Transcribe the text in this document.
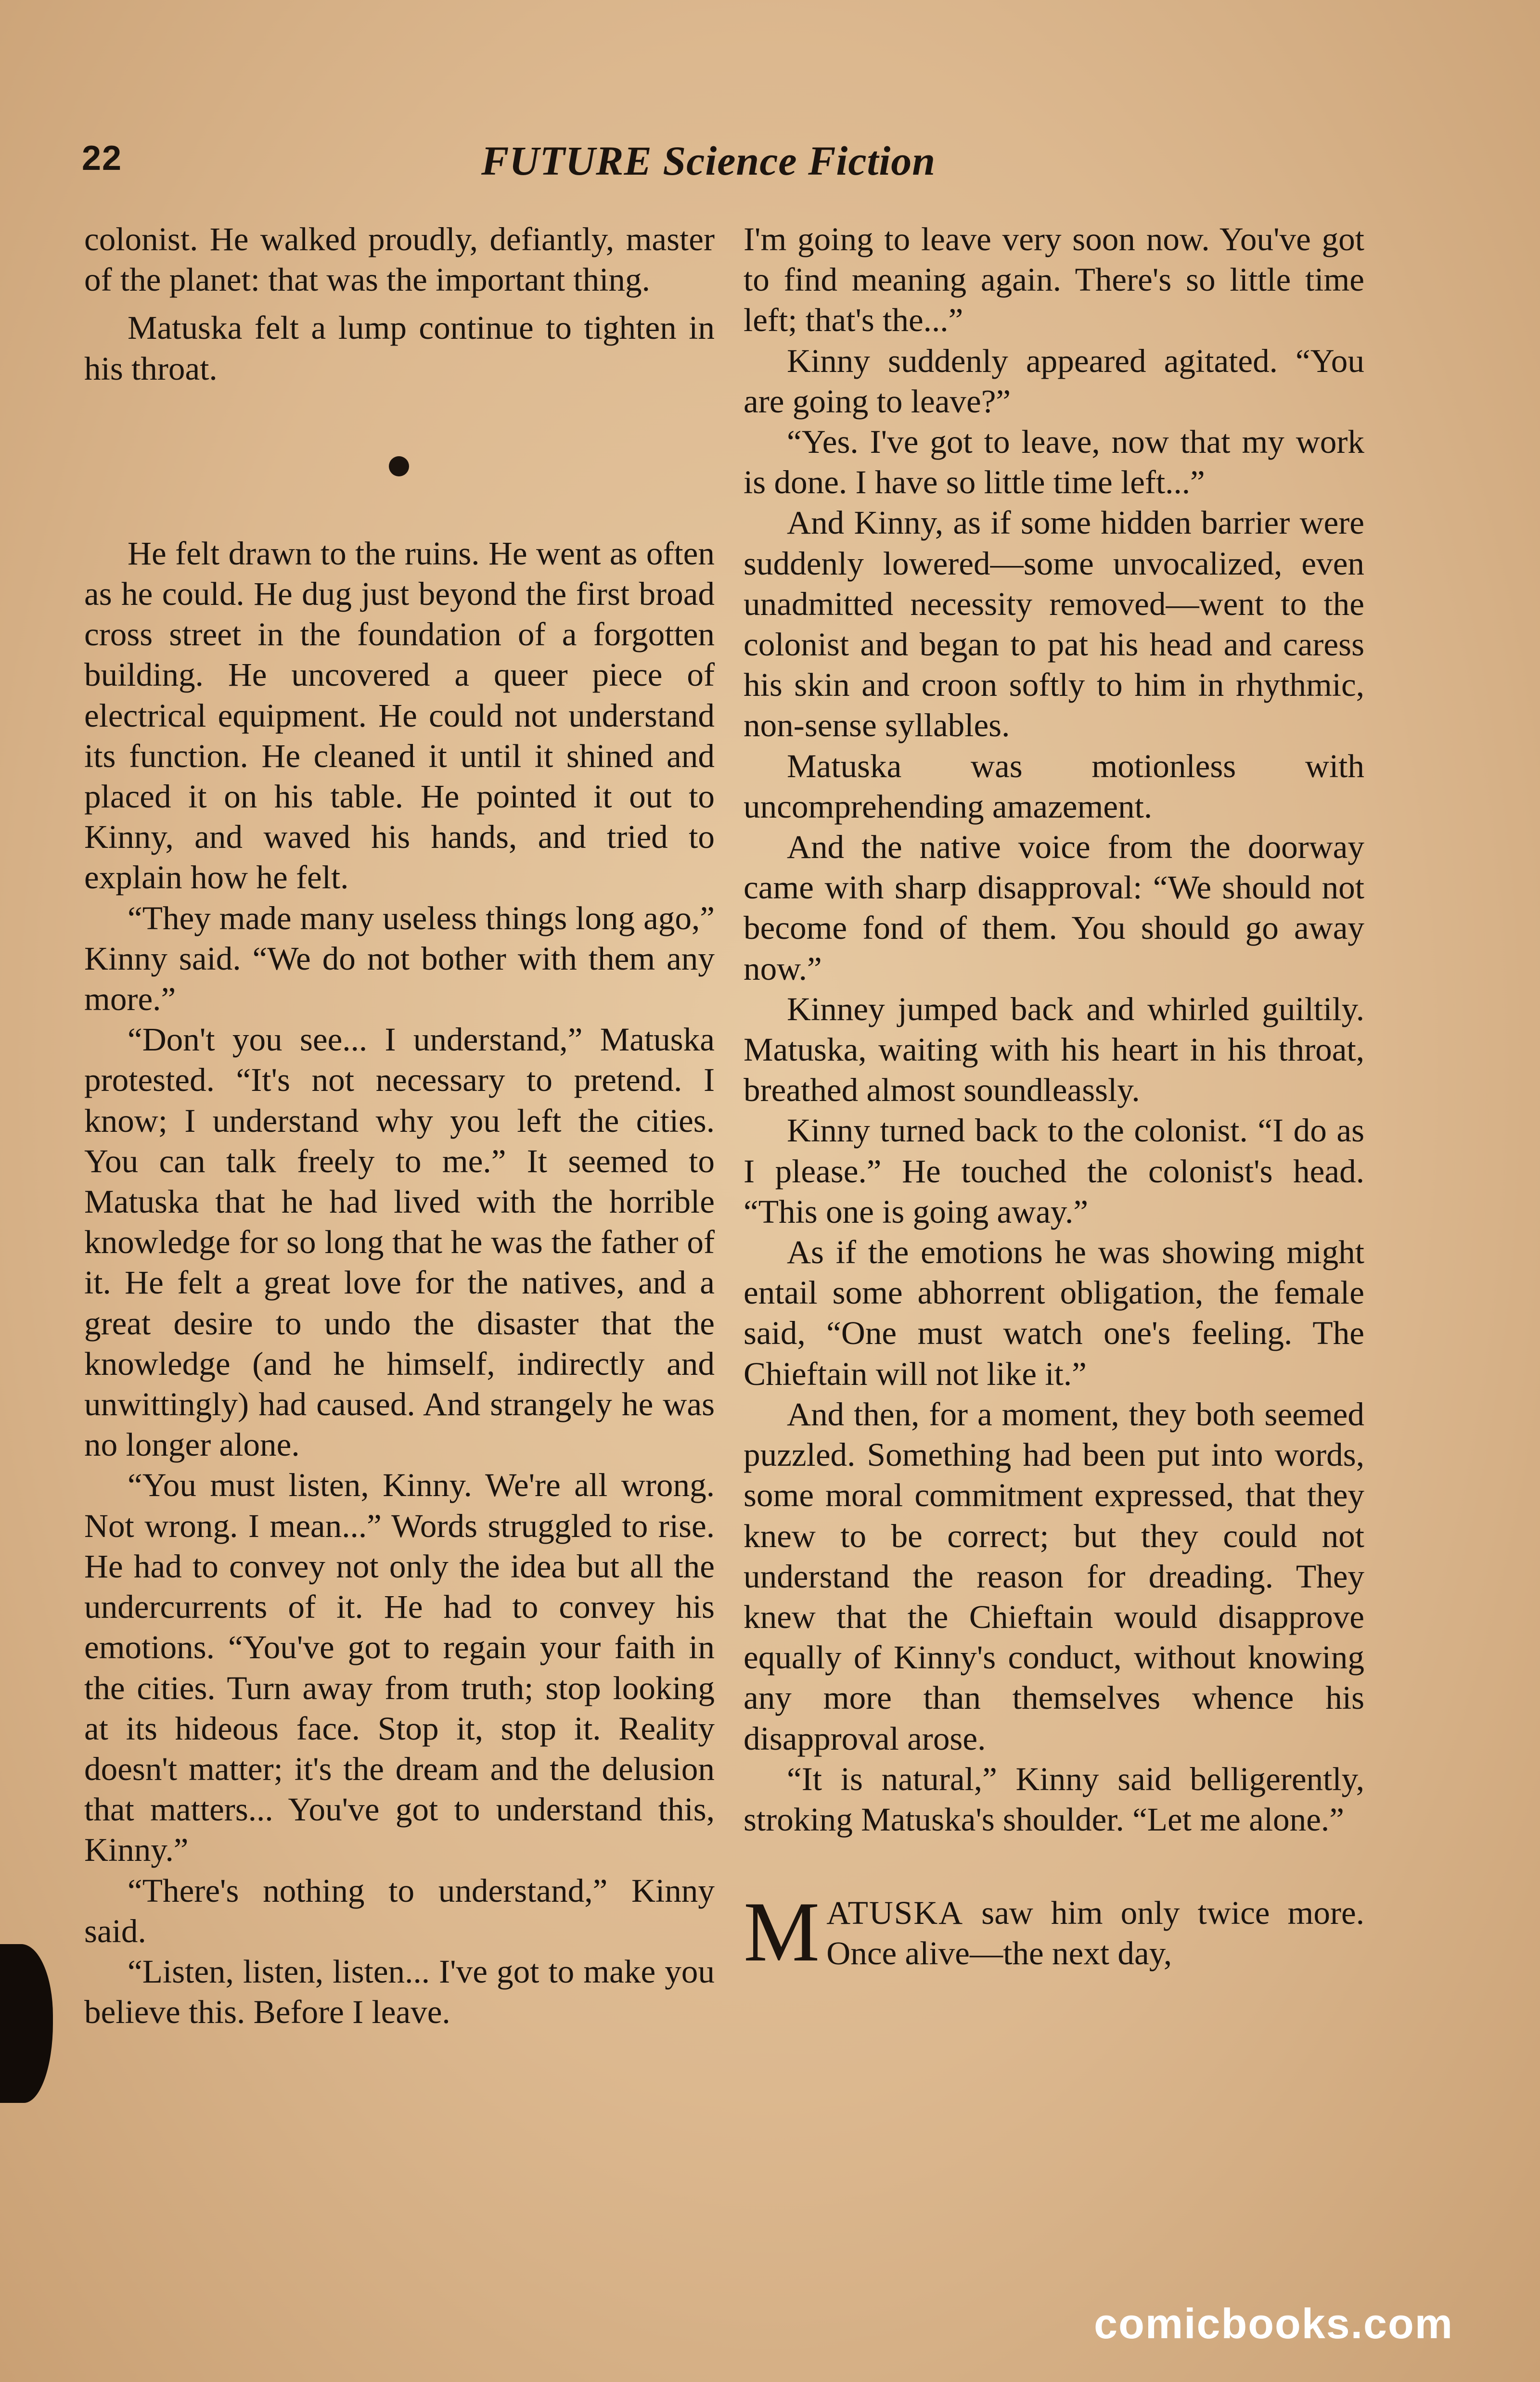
22	FUTURE Science Fiction

colonist. He walked proudly, defiantly, master of the planet: that was the important thing.

Matuska felt a lump continue to tighten in his throat.

He felt drawn to the ruins. He went as often as he could. He dug just beyond the first broad cross street in the foundation of a forgotten building. He uncovered a queer piece of electrical equipment. He could not understand its function. He cleaned it until it shined and placed it on his table. He pointed it out to Kinny, and waved his hands, and tried to explain how he felt.

“They made many useless things long ago,” Kinny said. “We do not bother with them any more.”

“Don't you see... I understand,” Matuska protested. “It's not necessary to pretend. I know; I understand why you left the cities. You can talk freely to me.” It seemed to Matuska that he had lived with the horrible knowledge for so long that he was the father of it. He felt a great love for the natives, and a great desire to undo the disaster that the knowledge (and he himself, indirectly and unwittingly) had caused. And strangely he was no longer alone.

“You must listen, Kinny. We're all wrong. Not wrong. I mean...” Words struggled to rise. He had to convey not only the idea but all the undercurrents of it. He had to convey his emotions. “You've got to regain your faith in the cities. Turn away from truth; stop looking at its hideous face. Stop it, stop it. Reality doesn't matter; it's the dream and the delusion that matters... You've got to understand this, Kinny.”

“There's nothing to understand,” Kinny said.

“Listen, listen, listen... I've got to make you believe this. Before I leave.

I'm going to leave very soon now. You've got to find meaning again. There's so little time left; that's the...”

Kinny suddenly appeared agitated. “You are going to leave?”

“Yes. I've got to leave, now that my work is done. I have so little time left...”

And Kinny, as if some hidden barrier were suddenly lowered—some unvocalized, even unadmitted necessity removed—went to the colonist and began to pat his head and caress his skin and croon softly to him in rhythmic, non-sense syllables.

Matuska was motionless with uncomprehending amazement.

And the native voice from the doorway came with sharp disapproval: “We should not become fond of them. You should go away now.”

Kinney jumped back and whirled guiltily. Matuska, waiting with his heart in his throat, breathed almost soundleassly.

Kinny turned back to the colonist. “I do as I please.” He touched the colonist's head. “This one is going away.”

As if the emotions he was showing might entail some abhorrent obligation, the female said, “One must watch one's feeling. The Chieftain will not like it.”

And then, for a moment, they both seemed puzzled. Something had been put into words, some moral commitment expressed, that they knew to be correct; but they could not understand the reason for dreading. They knew that the Chieftain would disapprove equally of Kinny's conduct, without knowing any more than themselves whence his disapproval arose.

“It is natural,” Kinny said belligerently, stroking Matuska's shoulder. “Let me alone.”

MATUSKA saw him only twice more. Once alive—the next day,

comicbooks.com
